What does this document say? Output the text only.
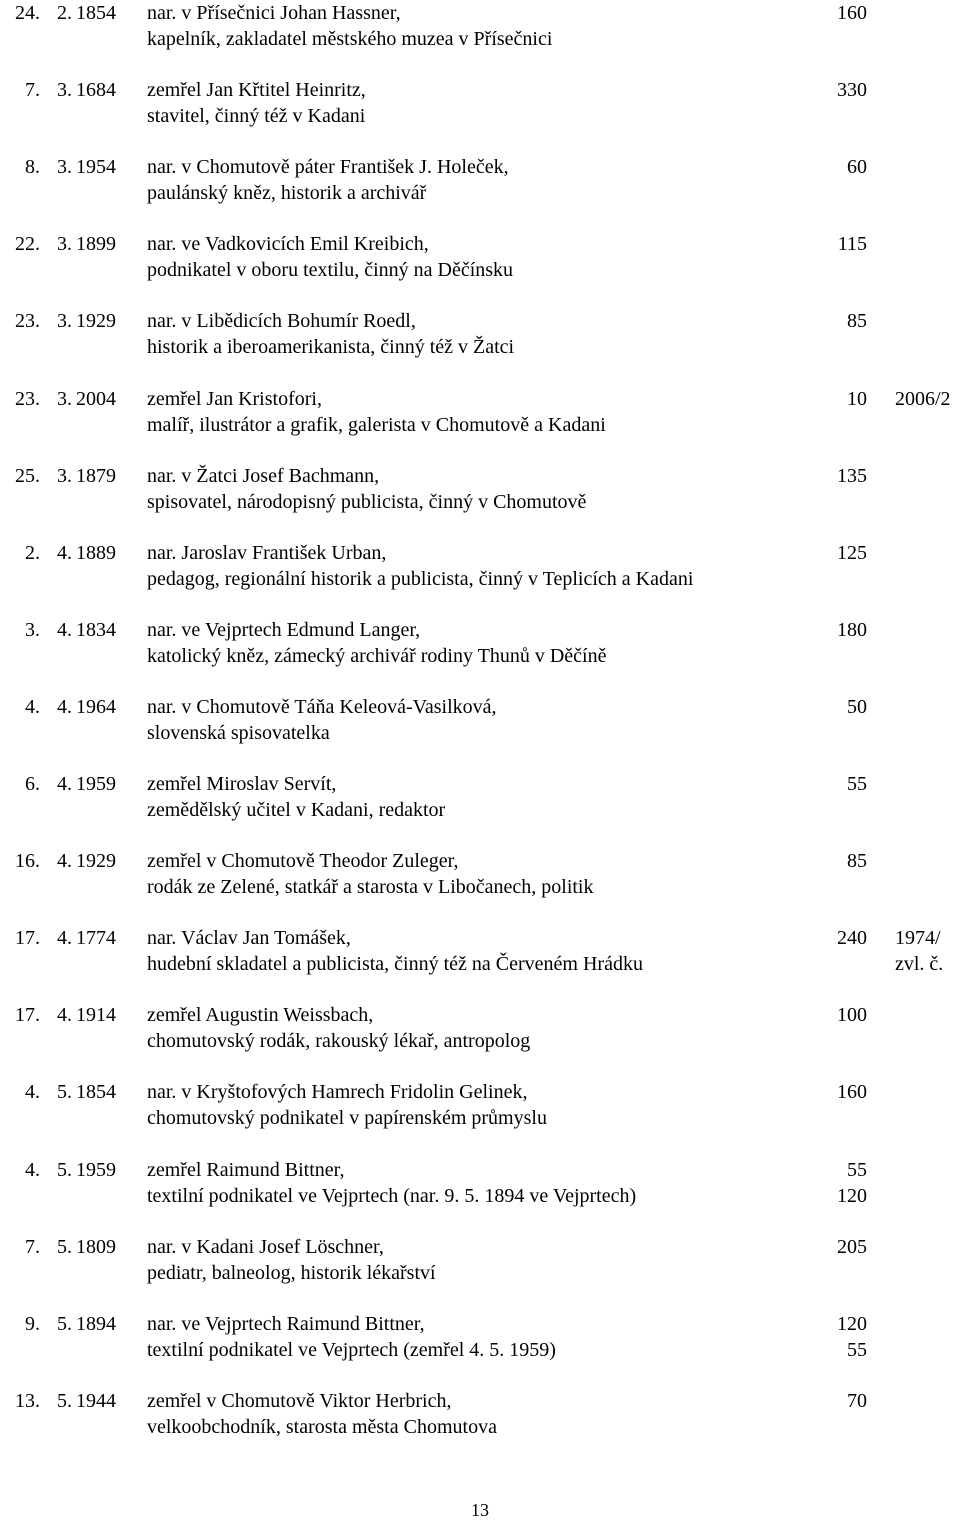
24. 2. 1854	nar. v Přísečnici Johan Hassner,	160
kapelník, zakladatel městského muzea v Přísečnici
7. 3. 1684	zemřel Jan Křtitel Heinritz,	330
stavitel, činný též v Kadani
8. 3. 1954	nar. v Chomutově páter František J. Holeček,	60
paulánský kněz, historik a archivář
22. 3. 1899	nar. ve Vadkovicích Emil Kreibich,	115
podnikatel v oboru textilu, činný na Děčínsku
23. 3. 1929	nar. v Libědicích Bohumír Roedl,	85
historik a iberoamerikanista, činný též v Žatci
23. 3. 2004	zemřel Jan Kristofori,	10 2006/2
malíř, ilustrátor a grafik, galerista v Chomutově a Kadani
25. 3. 1879	nar. v Žatci Josef Bachmann,	135
spisovatel, národopisný publicista, činný v Chomutově
2. 4. 1889	nar. Jaroslav František Urban,	125
pedagog, regionální historik a publicista, činný v Teplicích a Kadani
3. 4. 1834	nar. ve Vejprtech Edmund Langer,	180
katolický kněz, zámecký archivář rodiny Thunů v Děčíně
4. 4. 1964	nar. v Chomutově Táňa Keleová-Vasilková,	50
slovenská spisovatelka
6. 4. 1959	zemřel Miroslav Servít,	55
zemědělský učitel v Kadani, redaktor
16. 4. 1929	zemřel v Chomutově Theodor Zuleger,	85
rodák ze Zelené, statkář a starosta v Libočanech, politik
17. 4. 1774	nar. Václav Jan Tomášek,	240 1974/
hudební skladatel a publicista, činný též na Červeném Hrádku	zvl. č.
17. 4. 1914	zemřel Augustin Weissbach,	100
chomutovský rodák, rakouský lékař, antropolog
4. 5. 1854	nar. v Kryštofových Hamrech Fridolin Gelinek,	160
chomutovský podnikatel v papírenském průmyslu
4. 5. 1959	zemřel Raimund Bittner,	55
textilní podnikatel ve Vejprtech (nar. 9. 5. 1894 ve Vejprtech)	120
7. 5. 1809	nar. v Kadani Josef Löschner,	205
pediatr, balneolog, historik lékařství
9. 5. 1894	nar. ve Vejprtech Raimund Bittner,	120
textilní podnikatel ve Vejprtech (zemřel 4. 5. 1959)	55
13. 5. 1944	zemřel v Chomutově Viktor Herbrich,	70
velkoobchodník, starosta města Chomutova
13
